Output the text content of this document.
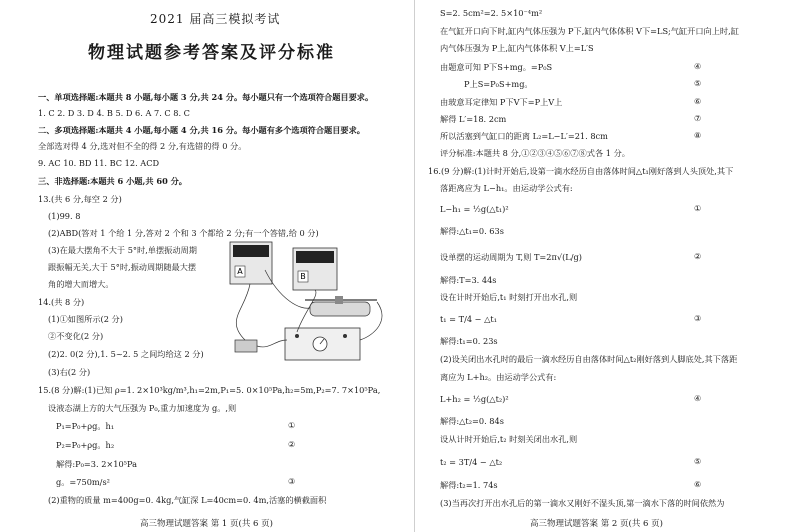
2021 届高三模拟考试
物理试题参考答案及评分标准
一、单项选择题:本题共 8 小题,每小题 3 分,共 24 分。每小题只有一个选项符合题目要求。
1. C 2. D 3. D 4. B 5. D 6. A 7. C 8. C
二、多项选择题:本题共 4 小题,每小题 4 分,共 16 分。每小题有多个选项符合题目要求。
全部选对得 4 分,选对但不全的得 2 分,有选错的得 0 分。
9. AC 10. BD 11. BC 12. ACD
三、非选择题:本题共 6 小题,共 60 分。
13.(共 6 分,每空 2 分)
(1)99. 8
(2)ABD(答对 1 个给 1 分,答对 2 个和 3 个都给 2 分;有一个答错,给 0 分)
(3)在最大摆角不大于 5°时,单摆振动周期
跟振幅无关,大于 5°时,振动周期随最大摆
角的增大而增大。
14.(共 8 分)
(1)①如图所示(2 分)
②不变化(2 分)
(2)2. 0(2 分),1. 5~2. 5 之间均给这 2 分)
(3)右(2 分)
15.(8 分)解:(1)已知 ρ=1. 2×10³kg/m³,h₁=2m,P₁=5. 0×10⁵Pa,h₂=5m,P₂=7. 7×10⁵Pa,
设液态湖上方的大气压强为 P₀,重力加速度为 g。,则
P₁=P₀+ρg。h₁
P₂=P₀+ρg。h₂
解得:P₀=3. 2×10⁵Pa
g。=750m/s²
(2)重物的质量 m=400g=0. 4kg,气缸深 L=40cm=0. 4m,活塞的横截面积
①
②
③
A
B
高三物理试题答案 第 1 页(共 6 页)
S=2. 5cm²=2. 5×10⁻⁴m²
在气缸开口向下时,缸内气体压强为 P下,缸内气体体积 V下=LS;气缸开口向上时,缸
内气体压强为 P上,缸内气体体积 V上=L′S
由题意可知 P下S+mg。=P₀S
P上S=P₀S+mg。
由玻意耳定律知 P下V下=P上V上
解得 L′=18. 2cm
所以活塞到气缸口的距离 L₂=L−L′=21. 8cm
评分标准:本题共 8 分,①②③④⑤⑥⑦⑧式各 1 分。
16.(9 分)解:(1)计时开始后,设第一滴水经历自由落体时间△t₁刚好落到人头顶处,其下
落距离应为 L−h₁。由运动学公式有:
L−h₁ = ½g(△t₁)²
解得:△t₁=0. 63s
设单摆的运动周期为 T,则 T=2π√(L/g)
解得:T=3. 44s
设在计时开始后,t₁ 时刻打开出水孔,则
t₁ = T/4 − △t₁
解得:t₁=0. 23s
(2)设关闭出水孔时的最后一滴水经历自由落体时间△t₂刚好落到人脚底处,其下落距
离应为 L+h₂。由运动学公式有:
L+h₂ = ½g(△t₂)²
解得:△t₂=0. 84s
设从计时开始后,t₂ 时刻关闭出水孔,则
t₂ = 3T/4 − △t₂
解得:t₂=1. 74s
(3)当再次打开出水孔后的第一滴水又刚好不湿头顶,第一滴水下落的时间依然为
④
⑤
⑥
⑦
⑧
①
②
③
④
⑤
⑥
高三物理试题答案 第 2 页(共 6 页)
